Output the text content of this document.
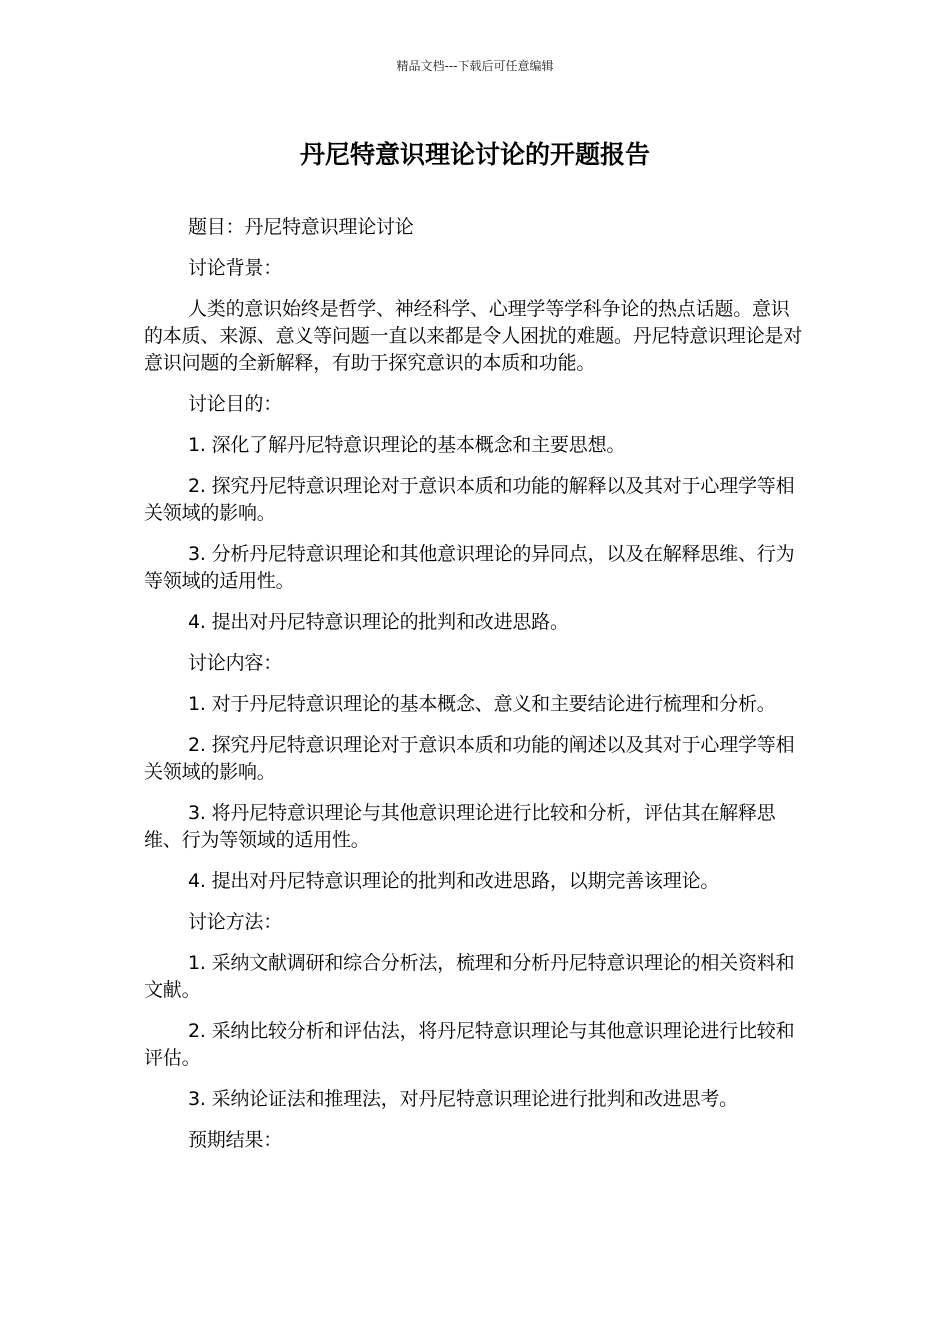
精品文档---下载后可任意编辑
丹尼特意识理论讨论的开题报告

题目：丹尼特意识理论讨论

讨论背景：

人类的意识始终是哲学、神经科学、心理学等学科争论的热点话题。意识的本质、来源、意义等问题一直以来都是令人困扰的难题。丹尼特意识理论是对意识问题的全新解释，有助于探究意识的本质和功能。

讨论目的：

1. 深化了解丹尼特意识理论的基本概念和主要思想。

2. 探究丹尼特意识理论对于意识本质和功能的解释以及其对于心理学等相关领域的影响。

3. 分析丹尼特意识理论和其他意识理论的异同点，以及在解释思维、行为等领域的适用性。

4. 提出对丹尼特意识理论的批判和改进思路。

讨论内容：

1. 对于丹尼特意识理论的基本概念、意义和主要结论进行梳理和分析。

2. 探究丹尼特意识理论对于意识本质和功能的阐述以及其对于心理学等相关领域的影响。

3. 将丹尼特意识理论与其他意识理论进行比较和分析，评估其在解释思维、行为等领域的适用性。

4. 提出对丹尼特意识理论的批判和改进思路，以期完善该理论。

讨论方法：

1. 采纳文献调研和综合分析法，梳理和分析丹尼特意识理论的相关资料和文献。

2. 采纳比较分析和评估法，将丹尼特意识理论与其他意识理论进行比较和评估。

3. 采纳论证法和推理法，对丹尼特意识理论进行批判和改进思考。

预期结果：
